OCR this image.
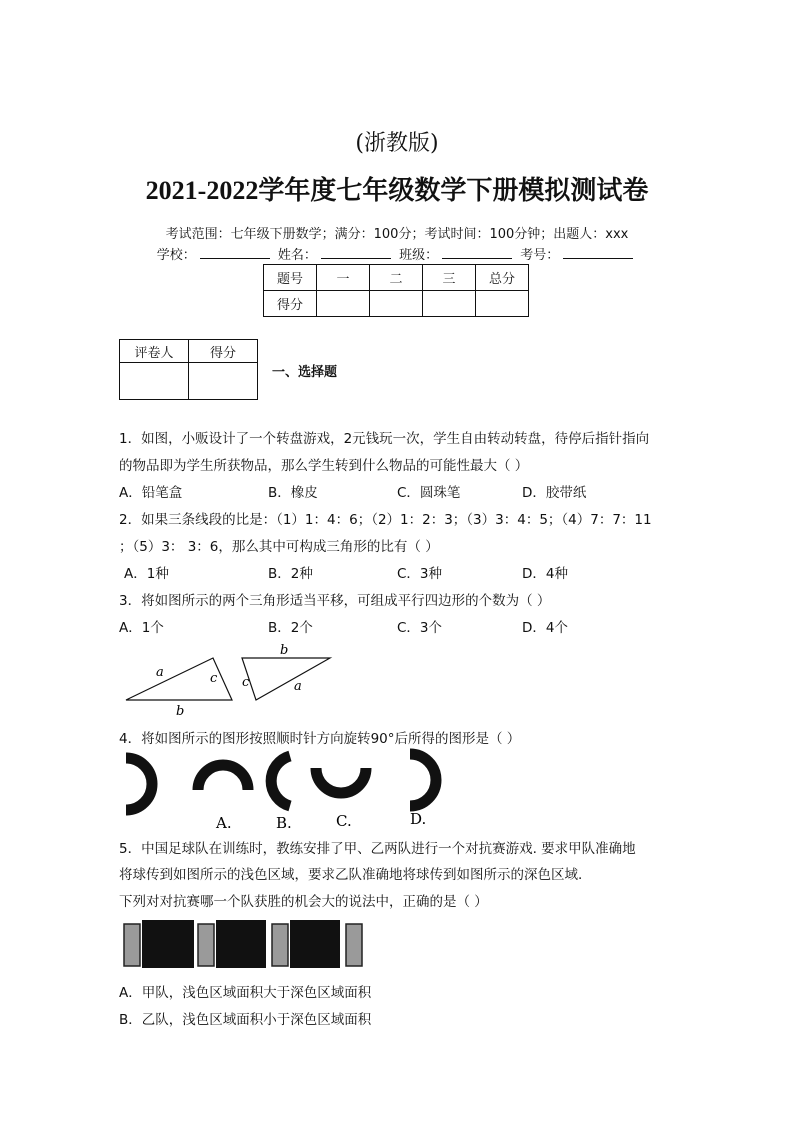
(浙教版)
2021-2022学年度七年级数学下册模拟测试卷
考试范围：七年级下册数学；满分：100分；考试时间：100分钟；出题人：xxx
学校：	姓名：	班级：	考号：
题号	一	二	三	总分
得分				
评卷人	得分

一、选择题
1．如图，小贩设计了一个转盘游戏，2元钱玩一次，学生自由转动转盘，待停后指针指向
的物品即为学生所获物品，那么学生转到什么物品的可能性最大（ ）
A．铅笔盒	B．橡皮	C．圆珠笔	D．胶带纸
2．如果三条线段的比是：（1）1：4：6；（2）1：2：3；（3）3：4：5；（4）7：7：11
；（5）3： 3：6，那么其中可构成三角形的比有（ ）
A．1种	B．2种	C．3种	D．4种
3．将如图所示的两个三角形适当平移，可组成平行四边形的个数为（ ）
A．1个	B．2个	C．3个	D．4个
a	c
b
b
c	a
4．将如图所示的图形按照顺时针方向旋转90°后所得的图形是（ ）
A.	B.	C.	D.
5．中国足球队在训练时，教练安排了甲、乙两队进行一个对抗赛游戏. 要求甲队准确地
将球传到如图所示的浅色区域，要求乙队准确地将球传到如图所示的深色区域.
下列对对抗赛哪一个队获胜的机会大的说法中，正确的是（ ）
A．甲队，浅色区域面积大于深色区域面积
B．乙队，浅色区域面积小于深色区域面积
